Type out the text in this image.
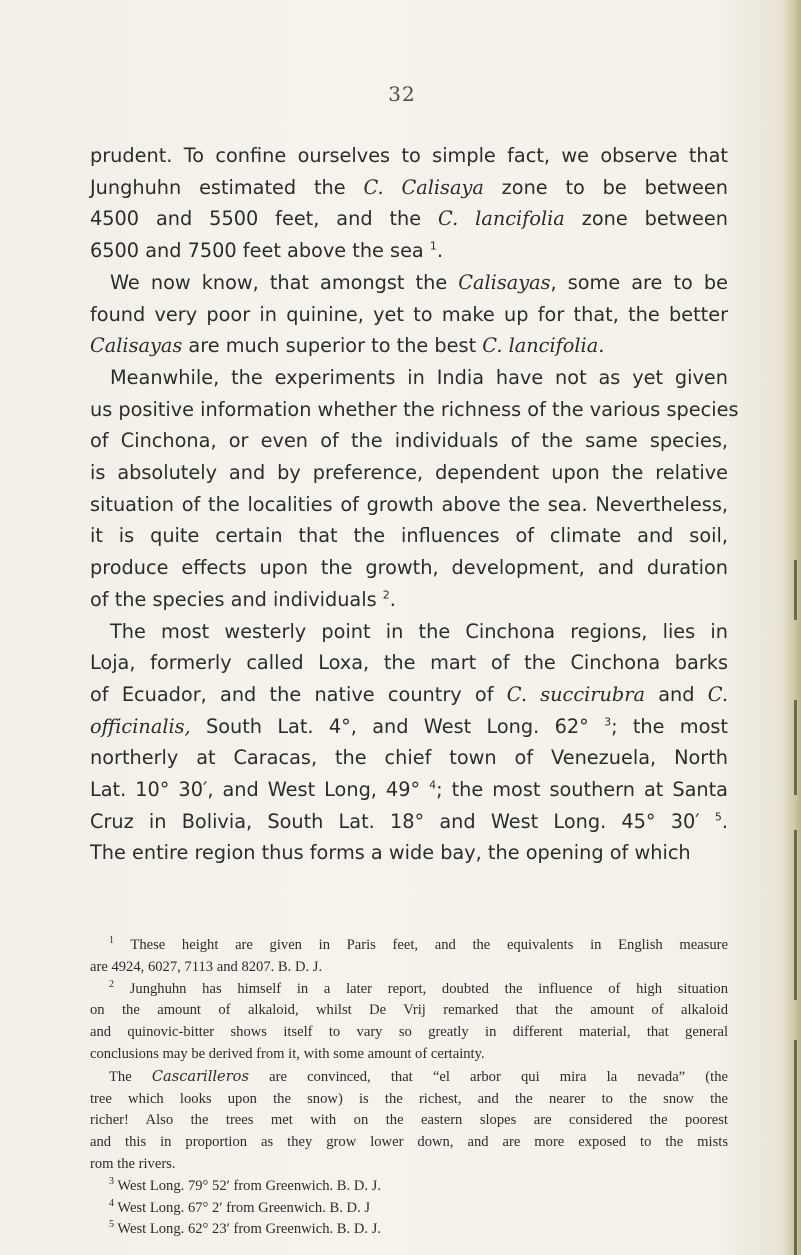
32
prudent. To confine ourselves to simple fact, we observe that
Junghuhn estimated the C. Calisaya zone to be between
4500 and 5500 feet, and the C. lancifolia zone between
6500 and 7500 feet above the sea $^1$.
We now know, that amongst the Calisayas, some are to be
found very poor in quinine, yet to make up for that, the better
Calisayas are much superior to the best C. lancifolia.
Meanwhile, the experiments in India have not as yet given
us positive information whether the richness of the various species
of Cinchona, or even of the individuals of the same species,
is absolutely and by preference, dependent upon the relative
situation of the localities of growth above the sea. Nevertheless,
it is quite certain that the influences of climate and soil,
produce effects upon the growth, development, and duration
of the species and individuals $^2$.
The most westerly point in the Cinchona regions, lies in
Loja, formerly called Loxa, the mart of the Cinchona barks
of Ecuador, and the native country of C. succirubra and C.
officinalis, South Lat. 4°, and West Long. 62° $^3$; the most
northerly at Caracas, the chief town of Venezuela, North
Lat. 10° 30′, and West Long, 49° $^4$; the most southern at Santa
Cruz in Bolivia, South Lat. 18° and West Long. 45° 30′ $^5$.
The entire region thus forms a wide bay, the opening of which
$^1$ These height are given in Paris feet, and the equivalents in English measure
are 4924, 6027, 7113 and 8207. B. D. J.
$^2$ Junghuhn has himself in a later report, doubted the influence of high situation
on the amount of alkaloid, whilst De Vrij remarked that the amount of alkaloid
and quinovic-bitter shows itself to vary so greatly in different material, that general
conclusions may be derived from it, with some amount of certainty.
The Cascarilleros are convinced, that “el arbor qui mira la nevada” (the
tree which looks upon the snow) is the richest, and the nearer to the snow the
richer! Also the trees met with on the eastern slopes are considered the poorest
and this in proportion as they grow lower down, and are more exposed to the mists
rom the rivers.
$^3$ West Long. 79° 52′ from Greenwich. B. D. J.
$^4$ West Long. 67° 2′ from Greenwich. B. D. J
$^5$ West Long. 62° 23′ from Greenwich. B. D. J.
